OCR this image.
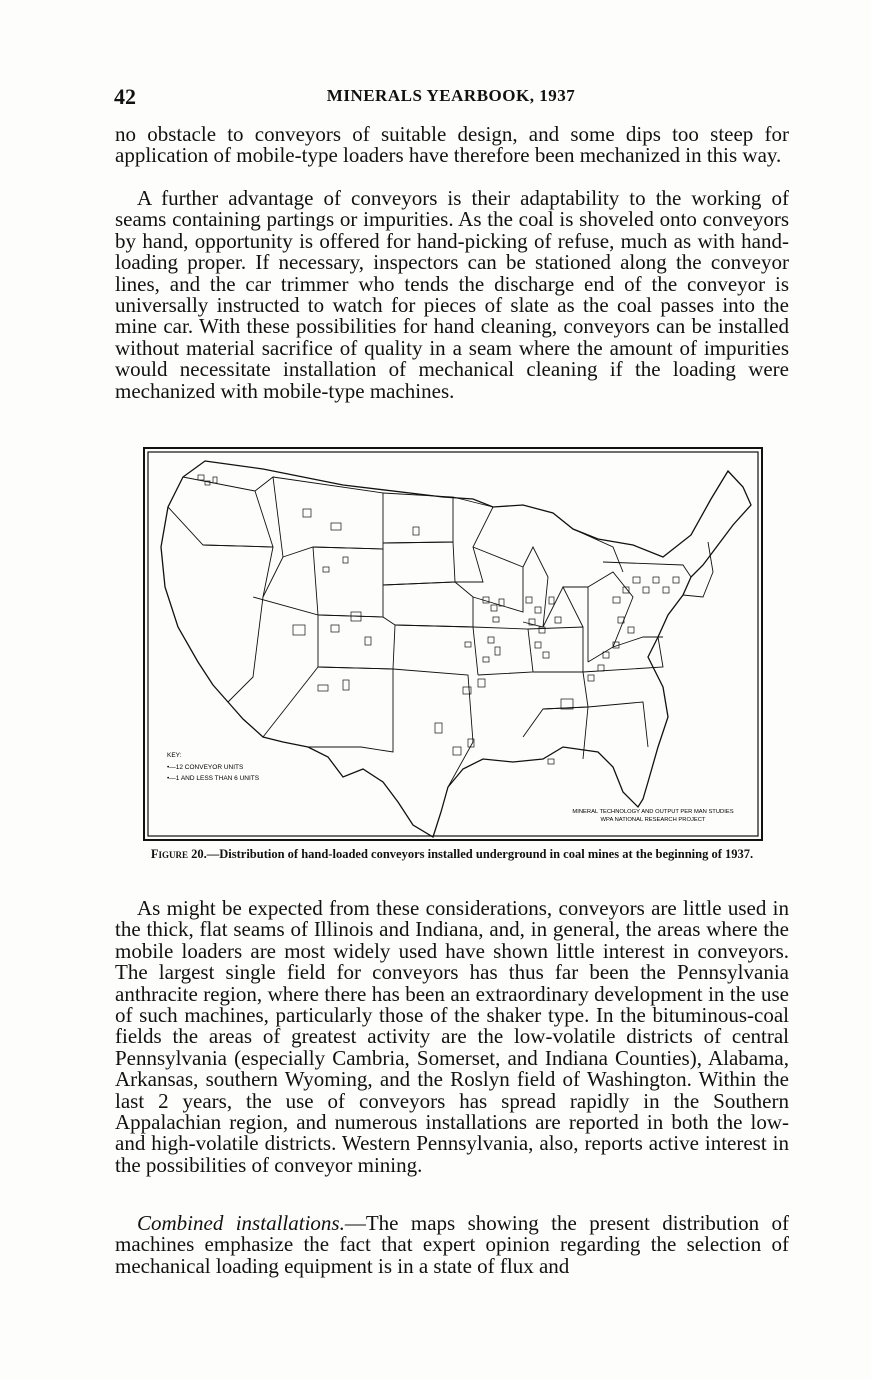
42	MINERALS YEARBOOK, 1937

no obstacle to conveyors of suitable design, and some dips too steep for application of mobile-type loaders have therefore been mechanized in this way.

A further advantage of conveyors is their adaptability to the working of seams containing partings or impurities. As the coal is shoveled onto conveyors by hand, opportunity is offered for hand-picking of refuse, much as with hand-loading proper. If necessary, inspectors can be stationed along the conveyor lines, and the car trimmer who tends the discharge end of the conveyor is universally instructed to watch for pieces of slate as the coal passes into the mine car. With these possibilities for hand cleaning, conveyors can be installed without material sacrifice of quality in a seam where the amount of impurities would necessitate installation of mechanical cleaning if the loading were mechanized with mobile-type machines.

KEY:
•—12 CONVEYOR UNITS
•—1 AND LESS THAN 6 UNITS
MINERAL TECHNOLOGY AND OUTPUT PER MAN STUDIES
WPA NATIONAL RESEARCH PROJECT
Figure 20.—Distribution of hand-loaded conveyors installed underground in coal mines at the beginning of 1937.

As might be expected from these considerations, conveyors are little used in the thick, flat seams of Illinois and Indiana, and, in general, the areas where the mobile loaders are most widely used have shown little interest in conveyors. The largest single field for conveyors has thus far been the Pennsylvania anthracite region, where there has been an extraordinary development in the use of such machines, particularly those of the shaker type. In the bituminous-coal fields the areas of greatest activity are the low-volatile districts of central Pennsylvania (especially Cambria, Somerset, and Indiana Counties), Alabama, Arkansas, southern Wyoming, and the Roslyn field of Washington. Within the last 2 years, the use of conveyors has spread rapidly in the Southern Appalachian region, and numerous installations are reported in both the low- and high-volatile districts. Western Pennsylvania, also, reports active interest in the possibilities of conveyor mining.

Combined installations.—The maps showing the present distribution of machines emphasize the fact that expert opinion regarding the selection of mechanical loading equipment is in a state of flux and
